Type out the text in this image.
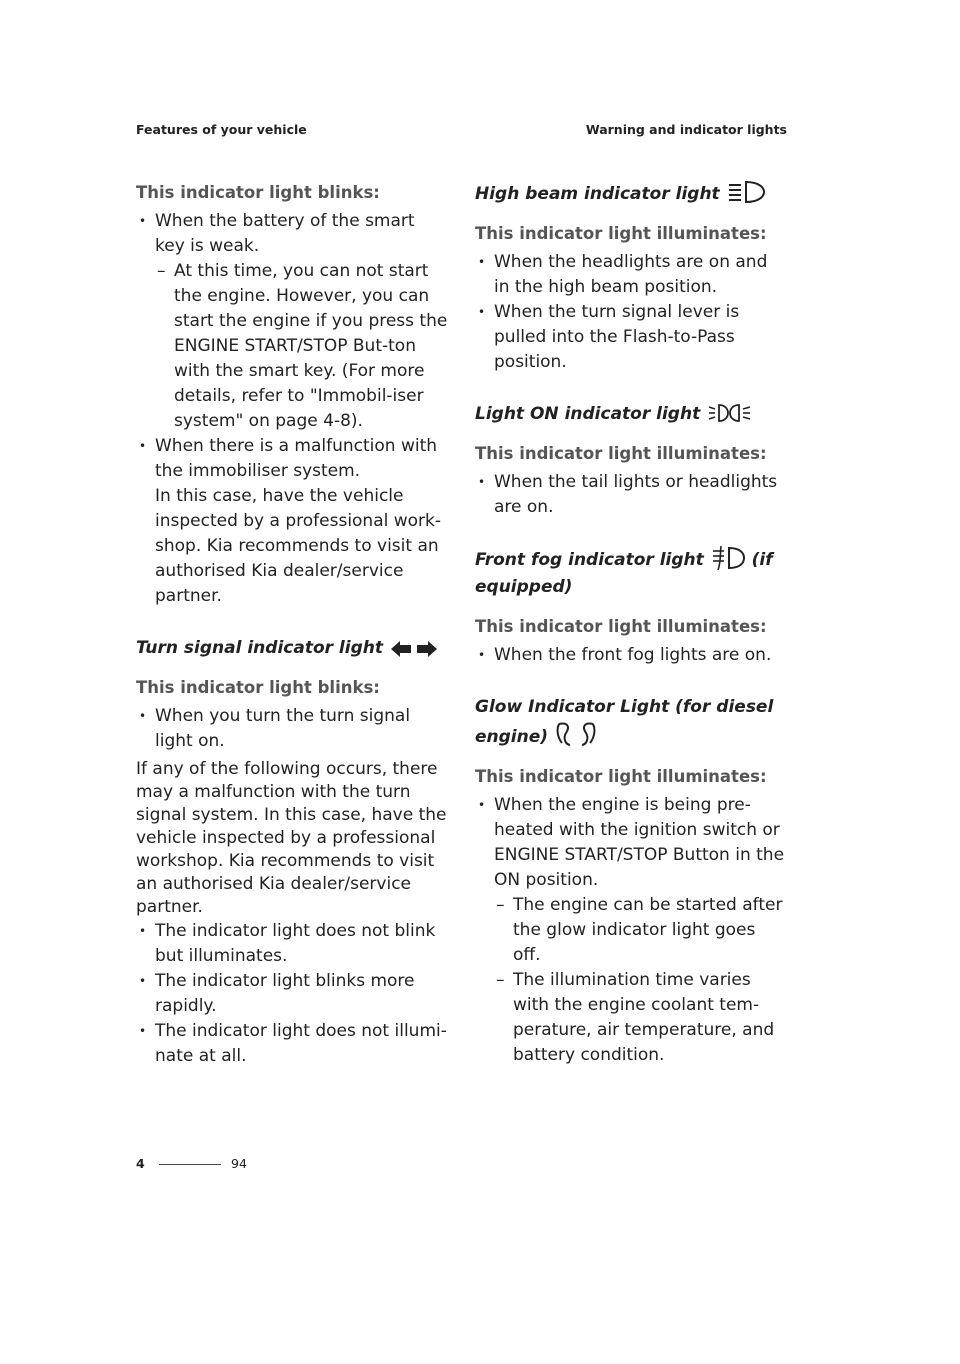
Features of your vehicle	Warning and indicator lights
This indicator light blinks:
• When the battery of the smart key is weak.
– At this time, you can not start the engine. However, you can start the engine if you press the ENGINE START/STOP But-ton with the smart key. (For more details, refer to "Immobil-iser system" on page 4-8).
• When there is a malfunction with the immobiliser system.
In this case, have the vehicle inspected by a professional work-shop. Kia recommends to visit an authorised Kia dealer/service partner.
Turn signal indicator light
This indicator light blinks:
• When you turn the turn signal light on.

If any of the following occurs, there may a malfunction with the turn signal system. In this case, have the vehicle inspected by a professional workshop. Kia recommends to visit an authorised Kia dealer/service partner.

• The indicator light does not blink but illuminates.
• The indicator light blinks more rapidly.
• The indicator light does not illumi-nate at all.
High beam indicator light
This indicator light illuminates:
• When the headlights are on and in the high beam position.
• When the turn signal lever is pulled into the Flash-to-Pass position.
Light ON indicator light
This indicator light illuminates:
• When the tail lights or headlights are on.
Front fog indicator light	(if equipped)
This indicator light illuminates:
• When the front fog lights are on.
Glow Indicator Light (for diesel engine)
This indicator light illuminates:
• When the engine is being pre-heated with the ignition switch or ENGINE START/STOP Button in the ON position.
– The engine can be started after the glow indicator light goes off.
– The illumination time varies with the engine coolant tem-perature, air temperature, and battery condition.
4	94
